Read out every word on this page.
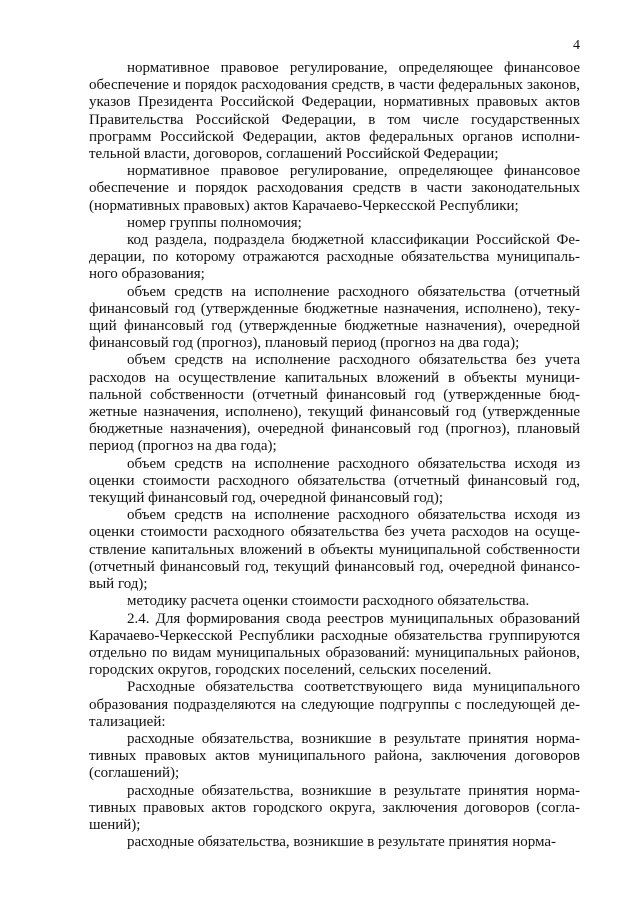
4

нормативное правовое регулирование, определяющее финансовое обеспечение и порядок расходования средств, в части федеральных законов, указов Президента Российской Федерации, нормативных правовых актов Правительства Российской Федерации, в том числе государственных программ Российской Федерации, актов федеральных органов исполнительной власти, договоров, соглашений Российской Федерации;

нормативное правовое регулирование, определяющее финансовое обеспечение и порядок расходования средств в части законодательных (нормативных правовых) актов Карачаево-Черкесской Республики;

номер группы полномочия;

код раздела, подраздела бюджетной классификации Российской Федерации, по которому отражаются расходные обязательства муниципального образования;

объем средств на исполнение расходного обязательства (отчетный финансовый год (утвержденные бюджетные назначения, исполнено), текущий финансовый год (утвержденные бюджетные назначения), очередной финансовый год (прогноз), плановый период (прогноз на два года);

объем средств на исполнение расходного обязательства без учета расходов на осуществление капитальных вложений в объекты муниципальной собственности (отчетный финансовый год (утвержденные бюджетные назначения, исполнено), текущий финансовый год (утвержденные бюджетные назначения), очередной финансовый год (прогноз), плановый период (прогноз на два года);

объем средств на исполнение расходного обязательства исходя из оценки стоимости расходного обязательства (отчетный финансовый год, текущий финансовый год, очередной финансовый год);

объем средств на исполнение расходного обязательства исходя из оценки стоимости расходного обязательства без учета расходов на осуществление капитальных вложений в объекты муниципальной собственности (отчетный финансовый год, текущий финансовый год, очередной финансовый год);

методику расчета оценки стоимости расходного обязательства.

2.4. Для формирования свода реестров муниципальных образований Карачаево-Черкесской Республики расходные обязательства группируются отдельно по видам муниципальных образований: муниципальных районов, городских округов, городских поселений, сельских поселений.

Расходные обязательства соответствующего вида муниципального образования подразделяются на следующие подгруппы с последующей детализацией:

расходные обязательства, возникшие в результате принятия нормативных правовых актов муниципального района, заключения договоров (соглашений);

расходные обязательства, возникшие в результате принятия нормативных правовых актов городского округа, заключения договоров (соглашений);

расходные обязательства, возникшие в результате принятия норма-
